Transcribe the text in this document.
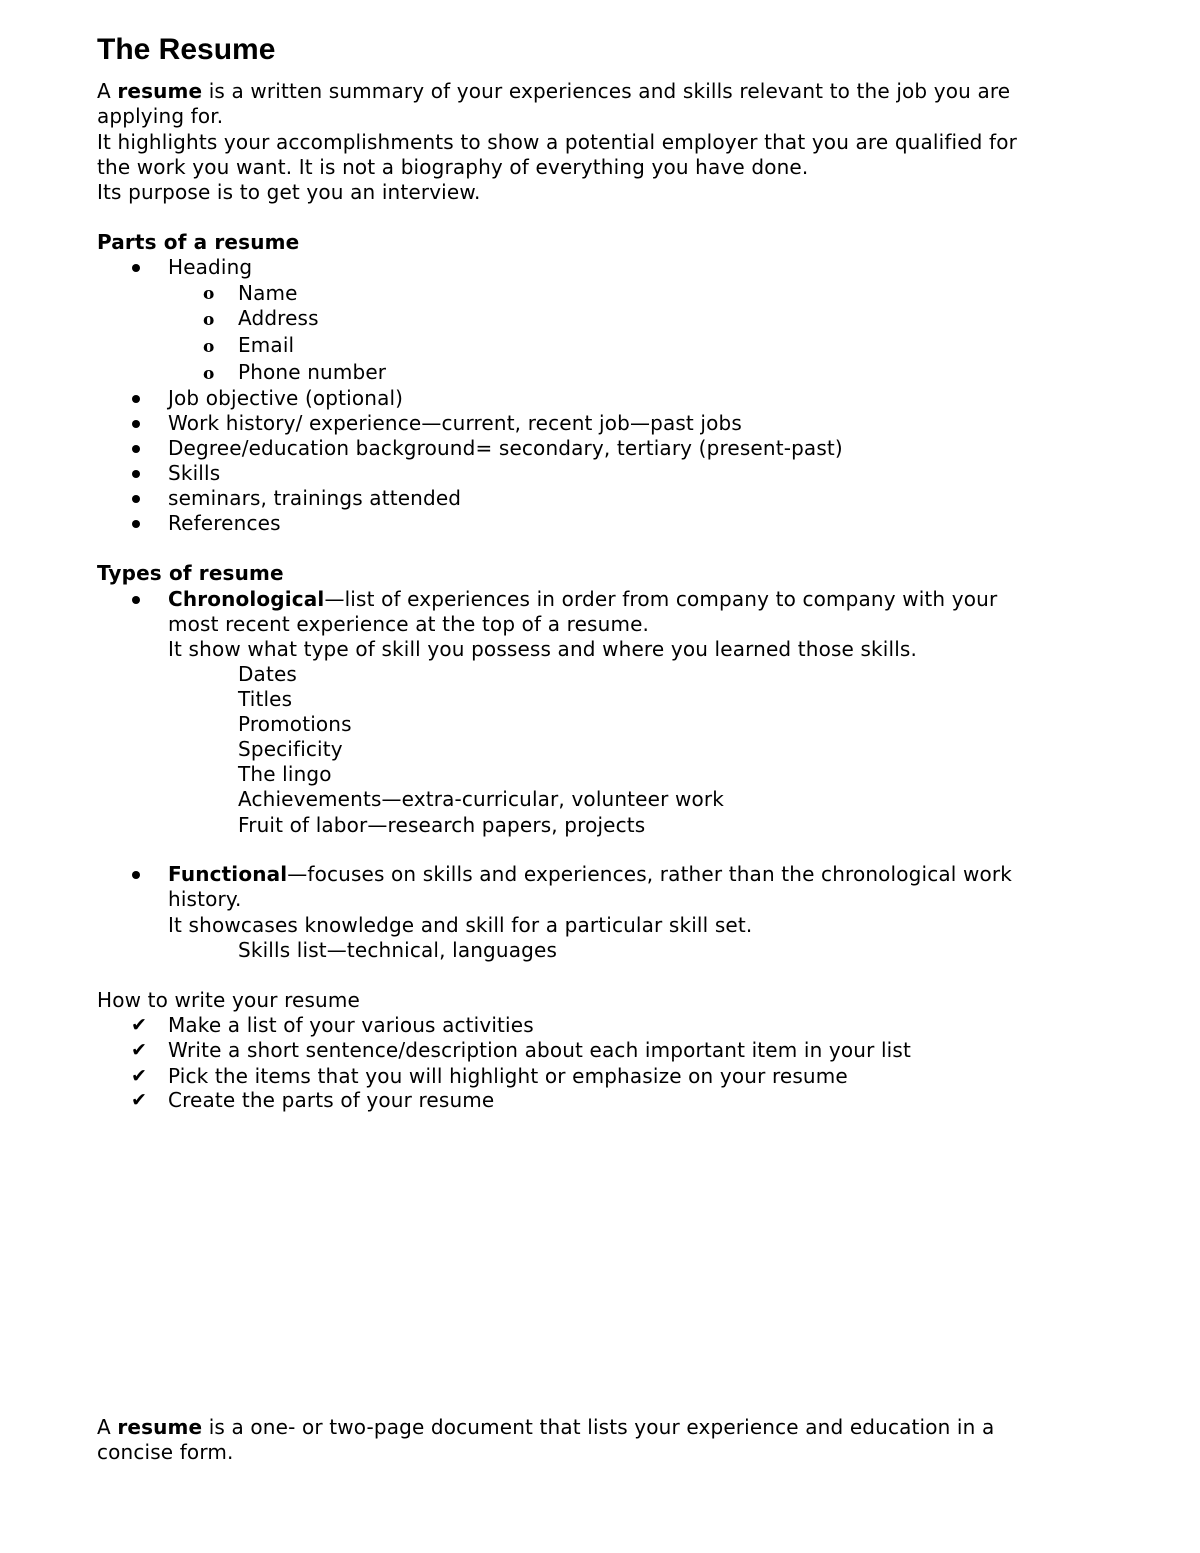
The Resume
A resume is a written summary of your experiences and skills relevant to the job you are
applying for.
It highlights your accomplishments to show a potential employer that you are qualified for
the work you want. It is not a biography of everything you have done.
Its purpose is to get you an interview.
Parts of a resume
Heading
o Name
o Address
o Email
o Phone number
Job objective (optional)
Work history/ experience—current, recent job—past jobs
Degree/education background= secondary, tertiary (present-past)
Skills
seminars, trainings attended
References
Types of resume
Chronological—list of experiences in order from company to company with your
most recent experience at the top of a resume.
It show what type of skill you possess and where you learned those skills.
Dates
Titles
Promotions
Specificity
The lingo
Achievements—extra-curricular, volunteer work
Fruit of labor—research papers, projects
Functional—focuses on skills and experiences, rather than the chronological work
history.
It showcases knowledge and skill for a particular skill set.
Skills list—technical, languages
How to write your resume
✔ Make a list of your various activities
✔ Write a short sentence/description about each important item in your list
✔ Pick the items that you will highlight or emphasize on your resume
✔ Create the parts of your resume
A resume is a one- or two-page document that lists your experience and education in a
concise form.
